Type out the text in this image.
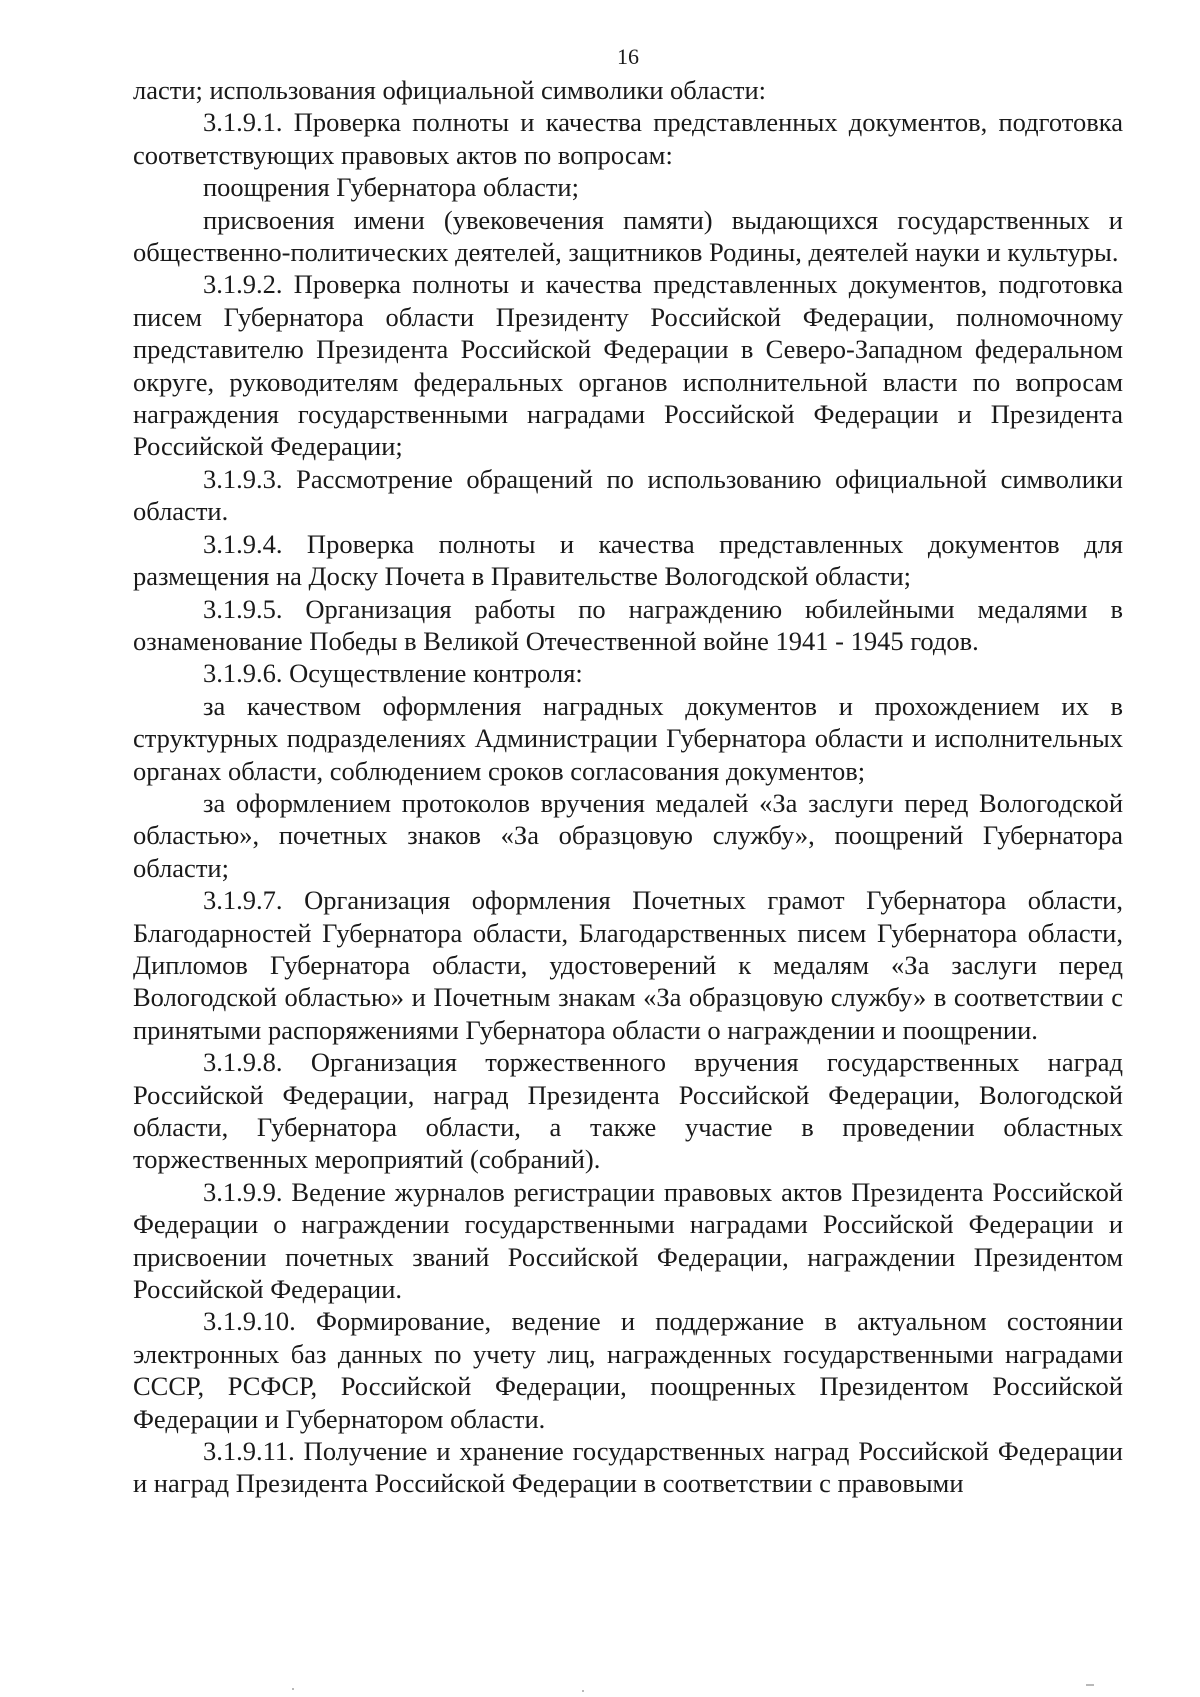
16

ласти; использования официальной символики области:

3.1.9.1. Проверка полноты и качества представленных документов, подготовка соответствующих правовых актов по вопросам:

поощрения Губернатора области;

присвоения имени (увековечения памяти) выдающихся государственных и общественно-политических деятелей, защитников Родины, деятелей науки и культуры.

3.1.9.2. Проверка полноты и качества представленных документов, подготовка писем Губернатора области Президенту Российской Федерации, полномочному представителю Президента Российской Федерации в Северо-Западном федеральном округе, руководителям федеральных органов исполнительной власти по вопросам награждения государственными наградами Российской Федерации и Президента Российской Федерации;

3.1.9.3. Рассмотрение обращений по использованию официальной символики области.

3.1.9.4. Проверка полноты и качества представленных документов для размещения на Доску Почета в Правительстве Вологодской области;

3.1.9.5. Организация работы по награждению юбилейными медалями в ознаменование Победы в Великой Отечественной войне 1941 - 1945 годов.

3.1.9.6. Осуществление контроля:

за качеством оформления наградных документов и прохождением их в структурных подразделениях Администрации Губернатора области и исполнительных органах области, соблюдением сроков согласования документов;

за оформлением протоколов вручения медалей «За заслуги перед Вологодской областью», почетных знаков «За образцовую службу», поощрений Губернатора области;

3.1.9.7. Организация оформления Почетных грамот Губернатора области, Благодарностей Губернатора области, Благодарственных писем Губернатора области, Дипломов Губернатора области, удостоверений к медалям «За заслуги перед Вологодской областью» и Почетным знакам «За образцовую службу» в соответствии с принятыми распоряжениями Губернатора области о награждении и поощрении.

3.1.9.8. Организация торжественного вручения государственных наград Российской Федерации, наград Президента Российской Федерации, Вологодской области, Губернатора области, а также участие в проведении областных торжественных мероприятий (собраний).

3.1.9.9. Ведение журналов регистрации правовых актов Президента Российской Федерации о награждении государственными наградами Российской Федерации и присвоении почетных званий Российской Федерации, награждении Президентом Российской Федерации.

3.1.9.10. Формирование, ведение и поддержание в актуальном состоянии электронных баз данных по учету лиц, награжденных государственными наградами СССР, РСФСР, Российской Федерации, поощренных Президентом Российской Федерации и Губернатором области.

3.1.9.11. Получение и хранение государственных наград Российской Федерации и наград Президента Российской Федерации в соответствии с правовыми
